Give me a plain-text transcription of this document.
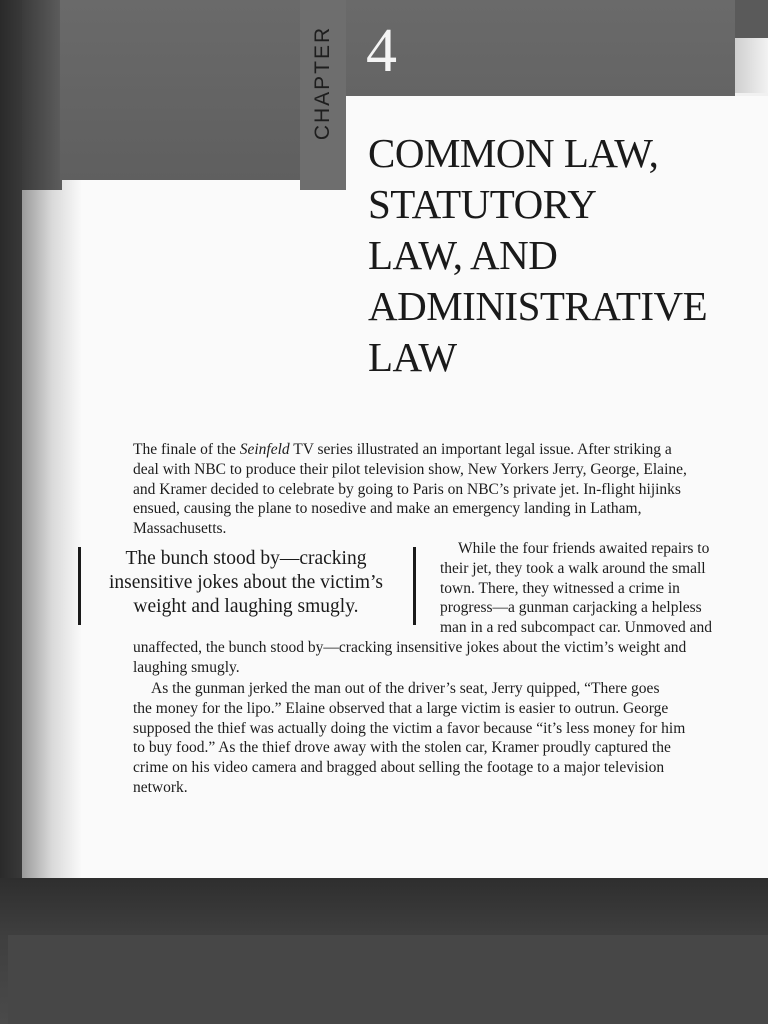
CHAPTER 4
COMMON LAW,
STATUTORY
LAW, AND
ADMINISTRATIVE
LAW
The finale of the Seinfeld TV series illustrated an important legal issue. After striking a
deal with NBC to produce their pilot television show, New Yorkers Jerry, George, Elaine,
and Kramer decided to celebrate by going to Paris on NBC’s private jet. In-flight hijinks
ensued, causing the plane to nosedive and make an emergency landing in Latham,
Massachusetts.
The bunch stood by—cracking
insensitive jokes about the victim’s
weight and laughing smugly.
While the four friends awaited repairs to
their jet, they took a walk around the small
town. There, they witnessed a crime in
progress—a gunman carjacking a helpless
man in a red subcompact car. Unmoved and
unaffected, the bunch stood by—cracking insensitive jokes about the victim’s weight and
laughing smugly.
As the gunman jerked the man out of the driver’s seat, Jerry quipped, “There goes
the money for the lipo.” Elaine observed that a large victim is easier to outrun. George
supposed the thief was actually doing the victim a favor because “it’s less money for him
to buy food.” As the thief drove away with the stolen car, Kramer proudly captured the
crime on his video camera and bragged about selling the footage to a major television
network.
